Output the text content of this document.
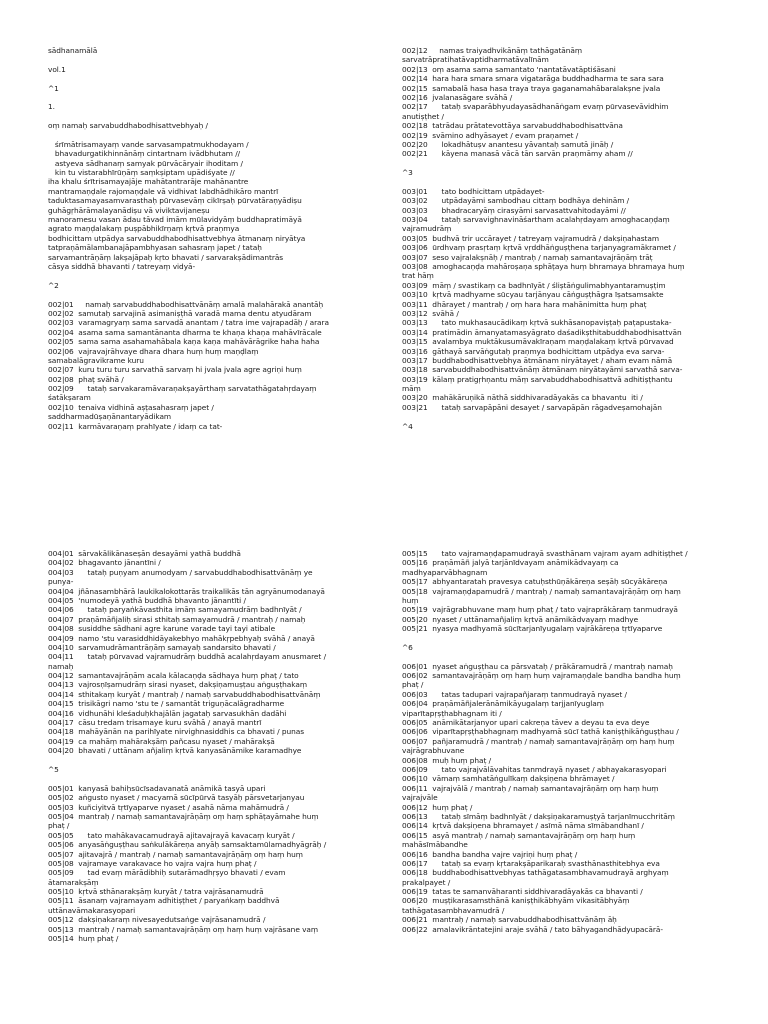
sādhanamālā
vol.1
^1
1.
oṃ namaḥ sarvabuddhabodhisattvebhyaḥ /
śrīmātrisamayaṃ vande sarvasampatmukhodayam /
bhavadurgatikhinnānāṃ cintartnam ivādbhutam //
astyeva sādhanaṃ samyak pūrvācāryair ihoditam /
kin tu vistarabhīrūṇāṃ saṃkṣiptam upādiśyate //
iha khalu śrītrisamayajāje mahātantrarāje mahānantre
mantramaṇḍale rajomaṇḍale vā vidhivat labdhādhikāro mantrī
taduktasamayasamvarasthaḥ pūrvasevāṃ cikīrṣaḥ pūrvatāraṇyādiṣu
guhāgṛhārāmalayanādiṣu vā viviktavijaneṣu
manoramesu vasan ādau tāvad imām mūlavidyāṃ buddhapratimāyā
agrato maṇḍalakaṃ puṣpābhikīrṇaṃ kṛtvā praṇmya
bodhicittam utpādya sarvabuddhabodhisattvebhya ātmanaṃ niryātya
tatpraṇāmālambanajāpambhyasan sahasraṃ japet / tataḥ
sarvamantrāṇāṃ lakṣajāpaḥ kṛto bhavati / sarvarakṣādimantrās
cāsya siddhā bhavanti / tatreyaṃ vidyā-
^2
002|01     namaḥ sarvabuddhabodhisattvānāṃ amalā malahārakā anantāḥ
002|02  samutaḥ sarvajinā asimaniṣṭhā varadā mama dentu atyudāram
002|03  varamagryaṃ sama sarvadā anantam / tatra ime vajrapadāḥ / arara
002|04  asama sama samantānanta dharma te khaṇa khaṇa mahāvīrācale
002|05  sama sama asahamahābala kaṇa kaṇa mahāvārāgrike haha haha
002|06  vajravajrāhvaye dhara dhara huṃ huṃ maṇḍlaṃ
samabalāgravikrame kuru
002|07  kuru turu turu sarvathā sarvaṃ hi jvala jvala agre agriṇi huṃ
002|08  phaṭ svāhā /
002|09      tataḥ sarvakaramāvaraṇakṣayārthaṃ sarvatathāgatahṛdayaṃ
śatākṣaram
002|10  tenaiva vidhinā aṣṭasahasraṃ japet /
saddharmadūṣaṇānantaryādikam
002|11  karmāvaraṇaṃ prahīyate / idaṃ ca tat-
002|12     namas traiyadhvikānāṃ tathāgatānāṃ
sarvatrāpratihatāvaptidharmatāvalīnām
002|13  oṃ asama sama samantato 'nantatāvatāptiśāsani
002|14  hara hara smara smara vigatarāga buddhadharma te sara sara
002|15  samabalā hasa hasa traya traya gaganamahābaralakṣne jvala
002|16  jvalanasāgare svāhā /
002|17      tataḥ svaparābhyudayasādhanāṅgam evaṃ pūrvasevāvidhim
anutiṣṭhet /
002|18  tatrādau prātatevottāya sarvabuddhabodhisattvāna
002|19  svāmino adhyāsayet / evam praṇamet /
002|20      lokadhātuṣv anantesu yāvantaḥ samutā jināḥ /
002|21      kāyena manasā vācā tān sarvān praṇmāmy aham //
^3
003|01      tato bodhicittam utpādayet-
003|02      utpādayāmi sambodhau cittaṃ bodhāya dehinām /
003|03      bhadracaryāṃ cirasyāmi sarvasattvahitodayāmi //
003|04      tataḥ sarvavighnavināśartham acalahṛdayam amoghacaṇḍaṃ
vajramudrāṃ
003|05  budhvā trir uccārayet / tatreyaṃ vajramudrā / dakṣiṇahastam
003|06  ūrdhvaṃ prasṛtaṃ kṛtvā vṛddhāṅguṣṭhena tarjanyagramākramet /
003|07  seso vajralakṣnāḥ / mantraḥ / namaḥ samantavajrāṇāṃ trāṭ
003|08  amoghacaṇḍa mahāroṣaṇa sphāṭaya huṃ bhramaya bhramaya huṃ
trat hāṃ
003|09  māṃ / svastikaṃ ca badhnīyāt / śliṣtāṅgulimabhyantaramuṣṭim
003|10  kṛtvā madhyame sūcyau tarjānyau cāṅguṣṭhāgra īṣatsamsakte
003|11  dhārayet / mantraḥ / oṃ hara hara mahānimitta huṃ phaṭ
003|12  svāhā /
003|13      tato mukhasaucādikaṃ kṛtvā sukhāsanopaviṣṭaḥ paṭapustaka-
003|14  pratimādin āmanyatamasyāgrato daśadikṣthitabuddhabodhisattvān
003|15  avalambya muktākusumāvakīraṇam maṇḍalakaṃ kṛtvā pūrvavad
003|16  gāthayā sarvāṅgutaḥ praṇmya bodhicittam utpādya eva sarva-
003|17  buddhabodhisattvebhya ātmānam niryātayet / aham evam nāmā
003|18  sarvabuddhabodhisattvānāṃ ātmānam niryātayāmi sarvathā sarva-
003|19  kālaṃ pratigṛhṇantu māṃ sarvabuddhabodhisattvā adhitiṣṭhantu
māṃ
003|20  mahākāruṇikā nāthā siddhivaradāyakās ca bhavantu  iti /
003|21      tataḥ sarvapāpāni desayet / sarvapāpān rāgadveṣamohajān
^4
004|01  sārvakālikānaseṣān desayāmi yathā buddhā
004|02  bhagavanto jānantīni /
004|03      tataḥ puṇyam anumodyam / sarvabuddhabodhisattvānāṃ ye
punya-
004|04  jñānasambhārā laukikalokottarās traikalikās tān agryānumodanayā
004|05  'numodeyā yathā buddhā bhavanto jānantīti /
004|06      tataḥ paryaṅkāvasthita imāṃ samayamudrāṃ badhnīyāt /
004|07  praṇāmāñjaliḥ sirasi sthitaḥ samayamudrā / mantraḥ / namaḥ
004|08  susiddhe sādhani agre karune varade tayi tayi atibale
004|09  namo 'stu varasiddhidāyakebhyo mahākṛpebhyaḥ svāhā / anayā
004|10  sarvamudrāmantrāṇāṃ samayaḥ sandarsito bhavati /
004|11      tataḥ pūrvavad vajramudrāṃ buddhā acalahṛdayam anusmaret /
namaḥ
004|12  samantavajrāṇām acala kālacaṇḍa sādhaya huṃ phaṭ / tato
004|13  vajrosṇīṣamudrāṃ sirasi nyaset, dakṣiṇamuṣṭau aṅguṣṭhakaṃ
004|14  sthitakaṃ kuryāt / mantraḥ / namaḥ sarvabuddhabodhisattvānāṃ
004|15  trisikāgri namo 'stu te / samantāt triguṇācalāgradharme
004|16  vidhunāhi kleśaduḥkhajālān jagataḥ sarvasukhān dadāhi
004|17  cāsu tredam trisamaye kuru svāhā / anayā mantrī
004|18  mahāyānān na parihīyate nirvighnasiddhis ca bhavati / punas
004|19  ca mahāṃ mahārakṣāṃ pañcasu nyaset / mahārakṣā
004|20  bhavati / uttānam añjaliṃ kṛtvā kanyasānāmike karamadhye
^5
005|01  kanyasā bahiḥsūcīsadavanatā anāmikā tasyā upari
005|02  aṅgusto nyaset / macyamā sūcīpūrvā tasyāḥ pārsvetarjanyau
005|03  kuñciyitvā tṛtīyaparve nyaset / asahā nāma mahāmudrā /
005|04  mantraḥ / namaḥ samantavajrāṇāṃ oṃ haṃ sphāṭayāmahe huṃ
phaṭ /
005|05      tato mahākavacamudrayā ajitavajrayā kavacaṃ kuryāt /
005|06  anyasāṅguṣṭhau saṅkulākāreṇa anyāḥ samsaktamūlamadhyāgrāḥ /
005|07  ajitavajrā / mantraḥ / namaḥ samantavajrāṇāṃ oṃ haṃ huṃ
005|08  vajramaye varakavace ho vajra vajra huṃ phaṭ /
005|09      tad evaṃ mārādibhiḥ sutarāmadhṛṣyo bhavati / evam
ātamarakṣāṃ
005|10  kṛtvā sthānarakṣāṃ kuryāt / tatra vajrāsanamudrā
005|11  āsanaṃ vajramayam adhitiṣṭhet / paryaṅkaṃ baddhvā
uttānavāmakarasyopari
005|12  dakṣiṇakaraṃ nivesayedutsaṅge vajrāsanamudrā /
005|13  mantraḥ / namaḥ samantavajrāṇāṃ oṃ haṃ huṃ vajrāsane vaṃ
005|14  huṃ phaṭ /
005|15      tato vajramaṇḍapamudrayā svasthānam vajram ayam adhitiṣṭhet /
005|16  praṇāmāñ jalyā tarjānīdvayam anāmikādvayaṃ ca
madhyaparvābhagnam
005|17  abhyantaratah pravesya catuḥsthūṇākāreṇa seṣāḥ sūcyākāreṇa
005|18  vajramaṇḍapamudrā / mantraḥ / namaḥ samantavajrāṇāṃ oṃ haṃ
huṃ
005|19  vajrāgrabhuvane maṃ huṃ phaṭ / tato vajraprākāraṃ tanmudrayā
005|20  nyaset / uttānamañjaliṃ kṛtvā anāmikādvayaṃ madhye
005|21  nyasya madhyamā sūcītarjanīyugalaṃ vajrākāreṇa tṛtīyaparve
^6
006|01  nyaset aṅguṣṭhau ca pārsvataḥ / prākāramudrā / mantraḥ namaḥ
006|02  samantavajrāṇāṃ oṃ haṃ huṃ vajramaṇḍale bandha bandha huṃ
phaṭ /
006|03      tatas tadupari vajrapañjaraṃ tanmudrayā nyaset /
006|04  praṇāmāñjalerānāmikāyugalaṃ tarjjanīyuglaṃ
viparītapṛṣṭhabhagnam iti /
006|05  anāmikātarjanyor upari cakreṇa tāvev a deyau ta eva deye
006|06  viparītapṛṣṭhabhagnaṃ madhyamā sūcī tathā kaniṣṭhikāṅguṣṭhau /
006|07  pañjaramudrā / mantraḥ / namaḥ samantavajrāṇāṃ oṃ haṃ huṃ
vajrāgrabhuvane
006|08  muḥ huṃ phaṭ /
006|09      tato vajrajvālāvahitas tanmdrayā nyaset / abhayakarasyopari
006|10  vāmaṃ samhatāṅgulīkaṃ dakṣiṇena bhrāmayet /
006|11  vajrajvālā / mantraḥ / namaḥ samantavajrāṇāṃ oṃ haṃ huṃ
vajrajvāle
006|12  huṃ phaṭ /
006|13      tataḥ sīmāṃ badhnīyāt / dakṣiṇakaramuṣṭyā tarjanīmucchritāṃ
006|14  kṛtvā dakṣiṇena bhramayet / asīmā nāma sīmābandhanī /
006|15  asyā mantraḥ / namaḥ samantavajrāṇāṃ oṃ haṃ huṃ
mahāsīmābandhe
006|16  bandha bandha vajre vajriṇi huṃ phaṭ /
006|17      tataḥ sa evaṃ kṛtarakṣāparikaraḥ svasthānasthitebhya eva
006|18  buddhabodhisattvebhyas tathāgatasambhavamudrayā arghyaṃ
prakalpayet /
006|19  tatas te samanvāharanti siddhivaradāyakās ca bhavanti /
006|20  muṣṭikarasamsthānā kaniṣṭhikābhyām vikasitābhyāṃ
tathāgatasambhavamudrā /
006|21  mantraḥ / namaḥ sarvabuddhabodhisattvānāṃ āḥ
006|22  amalavikrāntatejini araje svāhā / tato bāhyagandhādyupacārā-
